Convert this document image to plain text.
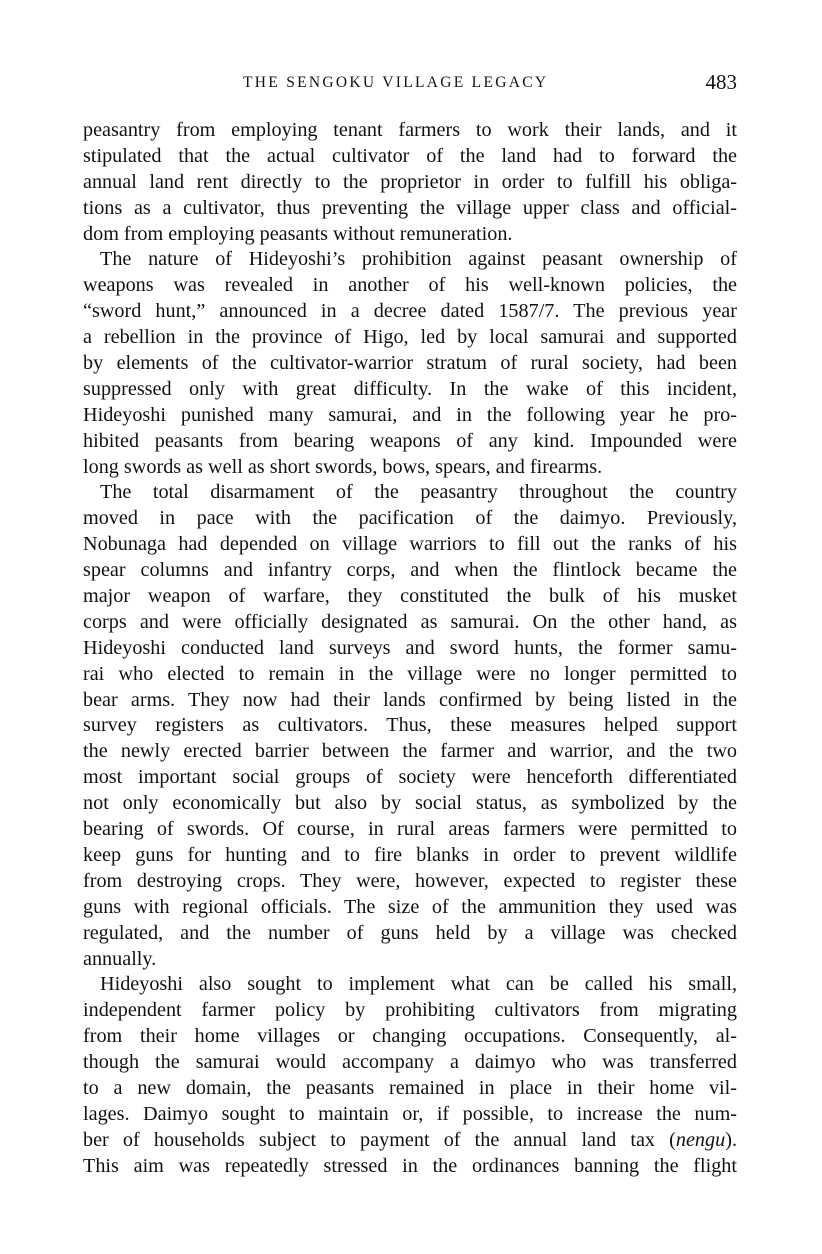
THE SENGOKU VILLAGE LEGACY	483
peasantry from employing tenant farmers to work their lands, and it
stipulated that the actual cultivator of the land had to forward the
annual land rent directly to the proprietor in order to fulfill his obliga-
tions as a cultivator, thus preventing the village upper class and official-
dom from employing peasants without remuneration.
The nature of Hideyoshi’s prohibition against peasant ownership of
weapons was revealed in another of his well-known policies, the
“sword hunt,” announced in a decree dated 1587/7. The previous year
a rebellion in the province of Higo, led by local samurai and supported
by elements of the cultivator-warrior stratum of rural society, had been
suppressed only with great difficulty. In the wake of this incident,
Hideyoshi punished many samurai, and in the following year he pro-
hibited peasants from bearing weapons of any kind. Impounded were
long swords as well as short swords, bows, spears, and firearms.
The total disarmament of the peasantry throughout the country
moved in pace with the pacification of the daimyo. Previously,
Nobunaga had depended on village warriors to fill out the ranks of his
spear columns and infantry corps, and when the flintlock became the
major weapon of warfare, they constituted the bulk of his musket
corps and were officially designated as samurai. On the other hand, as
Hideyoshi conducted land surveys and sword hunts, the former samu-
rai who elected to remain in the village were no longer permitted to
bear arms. They now had their lands confirmed by being listed in the
survey registers as cultivators. Thus, these measures helped support
the newly erected barrier between the farmer and warrior, and the two
most important social groups of society were henceforth differentiated
not only economically but also by social status, as symbolized by the
bearing of swords. Of course, in rural areas farmers were permitted to
keep guns for hunting and to fire blanks in order to prevent wildlife
from destroying crops. They were, however, expected to register these
guns with regional officials. The size of the ammunition they used was
regulated, and the number of guns held by a village was checked
annually.
Hideyoshi also sought to implement what can be called his small,
independent farmer policy by prohibiting cultivators from migrating
from their home villages or changing occupations. Consequently, al-
though the samurai would accompany a daimyo who was transferred
to a new domain, the peasants remained in place in their home vil-
lages. Daimyo sought to maintain or, if possible, to increase the num-
ber of households subject to payment of the annual land tax (nengu).
This aim was repeatedly stressed in the ordinances banning the flight
